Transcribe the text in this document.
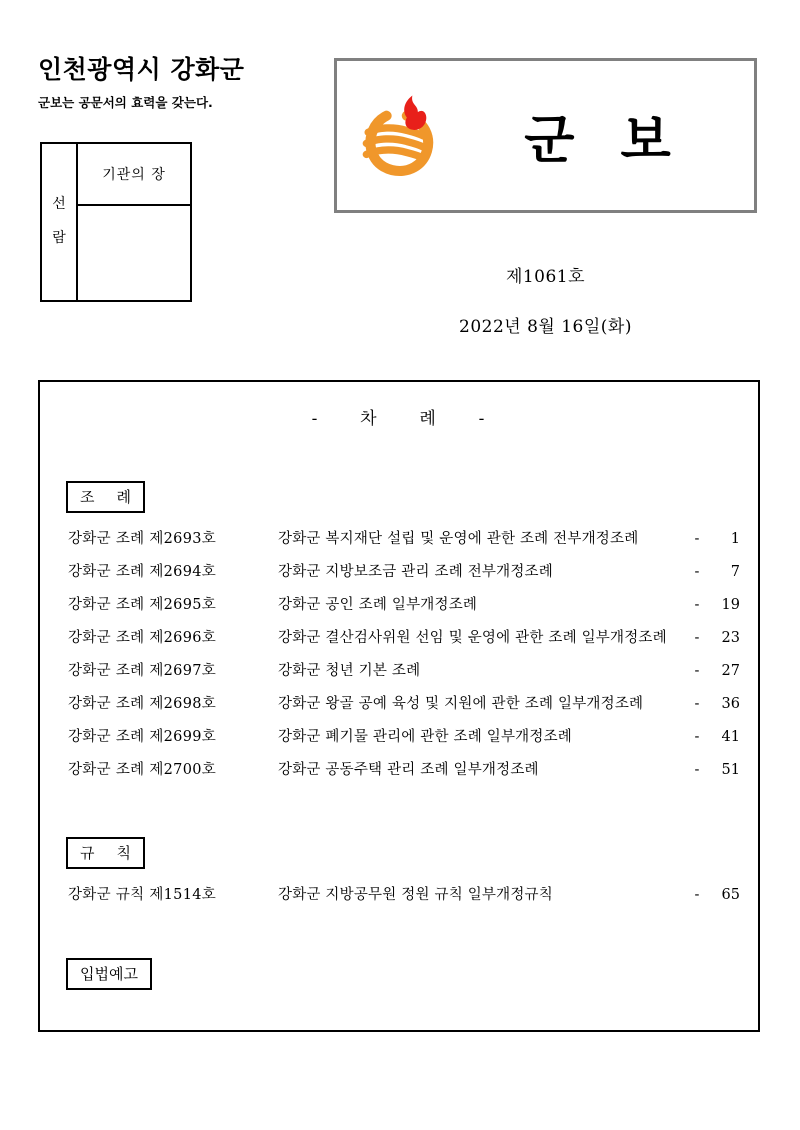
인천광역시 강화군
군보는 공문서의 효력을 갖는다.
선
람
기관의 장
군보
제1061호
2022년 8월 16일(화)
- 차 례 -
조 례
강화군 조례 제2693호	강화군 복지재단 설립 및 운영에 관한 조례 전부개정조례	-	1
강화군 조례 제2694호	강화군 지방보조금 관리 조례 전부개정조례	-	7
강화군 조례 제2695호	강화군 공인 조례 일부개정조례	-	19
강화군 조례 제2696호	강화군 결산검사위원 선임 및 운영에 관한 조례 일부개정조례	-	23
강화군 조례 제2697호	강화군 청년 기본 조례	-	27
강화군 조례 제2698호	강화군 왕골 공예 육성 및 지원에 관한 조례 일부개정조례	-	36
강화군 조례 제2699호	강화군 폐기물 관리에 관한 조례 일부개정조례	-	41
강화군 조례 제2700호	강화군 공동주택 관리 조례 일부개정조례	-	51
규 칙
강화군 규칙 제1514호	강화군 지방공무원 정원 규칙 일부개정규칙	-	65
입법예고
